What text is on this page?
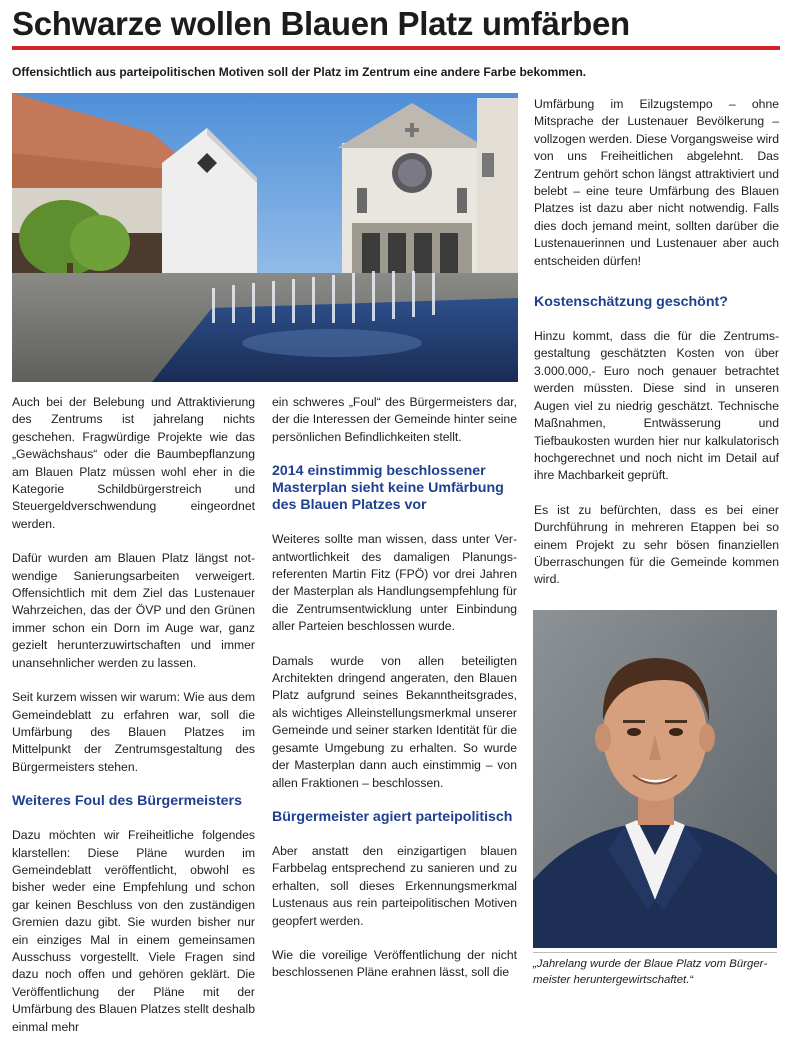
Schwarze wollen Blauen Platz umfärben
Offensichtlich aus parteipolitischen Motiven soll der Platz im Zentrum eine andere Farbe bekommen.

Auch bei der Belebung und Attraktivierung des Zentrums ist jahrelang nichts geschehen. Fragwürdige Projekte wie das „Gewächshaus“ oder die Baumbepflanzung am Blauen Platz müssen wohl eher in die Kategorie Schildbürgerstreich und Steuergeldverschwendung eingeordnet werden.

Dafür wurden am Blauen Platz längst notwendige Sanierungsarbeiten verweigert. Offensichtlich mit dem Ziel das Lustenauer Wahrzeichen, das der ÖVP und den Grünen immer schon ein Dorn im Auge war, ganz gezielt herunterzuwirtschaften und immer unansehnlicher werden zu lassen.

Seit kurzem wissen wir warum: Wie aus dem Gemeindeblatt zu erfahren war, soll die Umfärbung des Blauen Platzes im Mittelpunkt der Zentrumsgestaltung des Bürgermeisters stehen.

Weiteres Foul des Bürgermeisters

Dazu möchten wir Freiheitliche folgendes klarstellen: Diese Pläne wurden im Gemeindeblatt veröffentlicht, obwohl es bisher weder eine Empfehlung und schon gar keinen Beschluss von den zuständigen Gremien dazu gibt. Sie wurden bisher nur ein einziges Mal in einem gemeinsamen Ausschuss vorgestellt. Viele Fragen sind dazu noch offen und gehören geklärt. Die Veröffentlichung der Pläne mit der Umfärbung des Blauen Platzes stellt deshalb einmal mehr

ein schweres „Foul“ des Bürgermeisters dar, der die Interessen der Gemeinde hinter seine persönlichen Befindlichkeiten stellt.

2014 einstimmig beschlossener Masterplan sieht keine Umfärbung des Blauen Platzes vor

Weiteres sollte man wissen, dass unter Verantwortlichkeit des damaligen Planungsreferenten Martin Fitz (FPÖ) vor drei Jahren der Masterplan als Handlungsempfehlung für die Zentrumsentwicklung unter Einbindung aller Parteien beschlossen wurde.

Damals wurde von allen beteiligten Architekten dringend angeraten, den Blauen Platz aufgrund seines Bekanntheitsgrades, als wichtiges Alleinstellungsmerkmal unserer Gemeinde und seiner starken Identität für die gesamte Umgebung zu erhalten. So wurde der Masterplan dann auch einstimmig – von allen Fraktionen – beschlossen.

Bürgermeister agiert parteipolitisch

Aber anstatt den einzigartigen blauen Farbbelag entsprechend zu sanieren und zu erhalten, soll dieses Erkennungsmerkmal Lustenaus aus rein parteipolitischen Motiven geopfert werden.

Wie die voreilige Veröffentlichung der nicht beschlossenen Pläne erahnen lässt, soll die

Umfärbung im Eilzugstempo – ohne Mitsprache der Lustenauer Bevölkerung – vollzogen werden. Diese Vorgangsweise wird von uns Freiheitlichen abgelehnt. Das Zentrum gehört schon längst attraktiviert und belebt – eine teure Umfärbung des Blauen Platzes ist dazu aber nicht notwendig. Falls dies doch jemand meint, sollten darüber die Lustenauerinnen und Lustenauer aber auch entscheiden dürfen!

Kostenschätzung geschönt?

Hinzu kommt, dass die für die Zentrumsgestaltung geschätzten Kosten von über 3.000.000,- Euro noch genauer betrachtet werden müssten. Diese sind in unseren Augen viel zu niedrig geschätzt. Technische Maßnahmen, Entwässerung und Tiefbaukosten wurden hier nur kalkulatorisch hochgerechnet und noch nicht im Detail auf ihre Machbarkeit geprüft.

Es ist zu befürchten, dass es bei einer Durchführung in mehreren Etappen bei so einem Projekt zu sehr bösen finanziellen Überraschungen für die Gemeinde kommen wird.

„Jahrelang wurde der Blaue Platz vom Bürgermeister heruntergewirtschaftet.“
